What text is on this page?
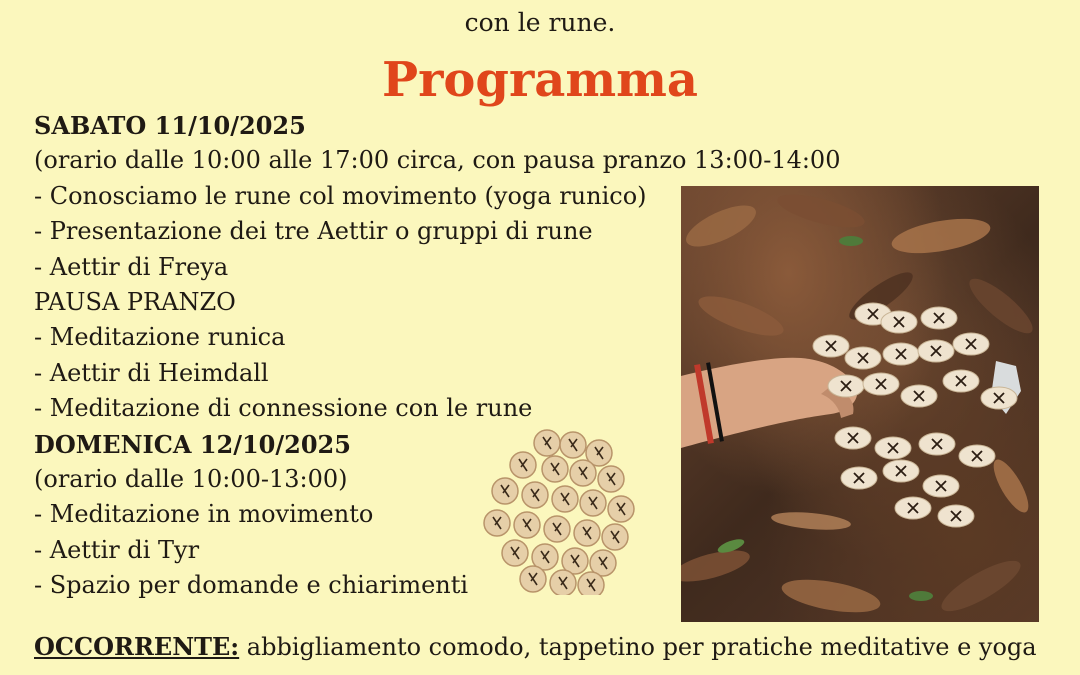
con le rune.
Programma
SABATO 11/10/2025
(orario dalle 10:00 alle 17:00 circa, con pausa pranzo 13:00-14:00
- Conosciamo le rune col movimento (yoga runico)
- Presentazione dei tre Aettir o gruppi di rune
- Aettir di Freya
PAUSA PRANZO
- Meditazione runica
- Aettir di Heimdall
- Meditazione di connessione con le rune
DOMENICA 12/10/2025
(orario dalle 10:00-13:00)
- Meditazione in movimento
- Aettir di Tyr
- Spazio per domande e chiarimenti
OCCORRENTE: abbigliamento comodo, tappetino per pratiche meditative e yoga
